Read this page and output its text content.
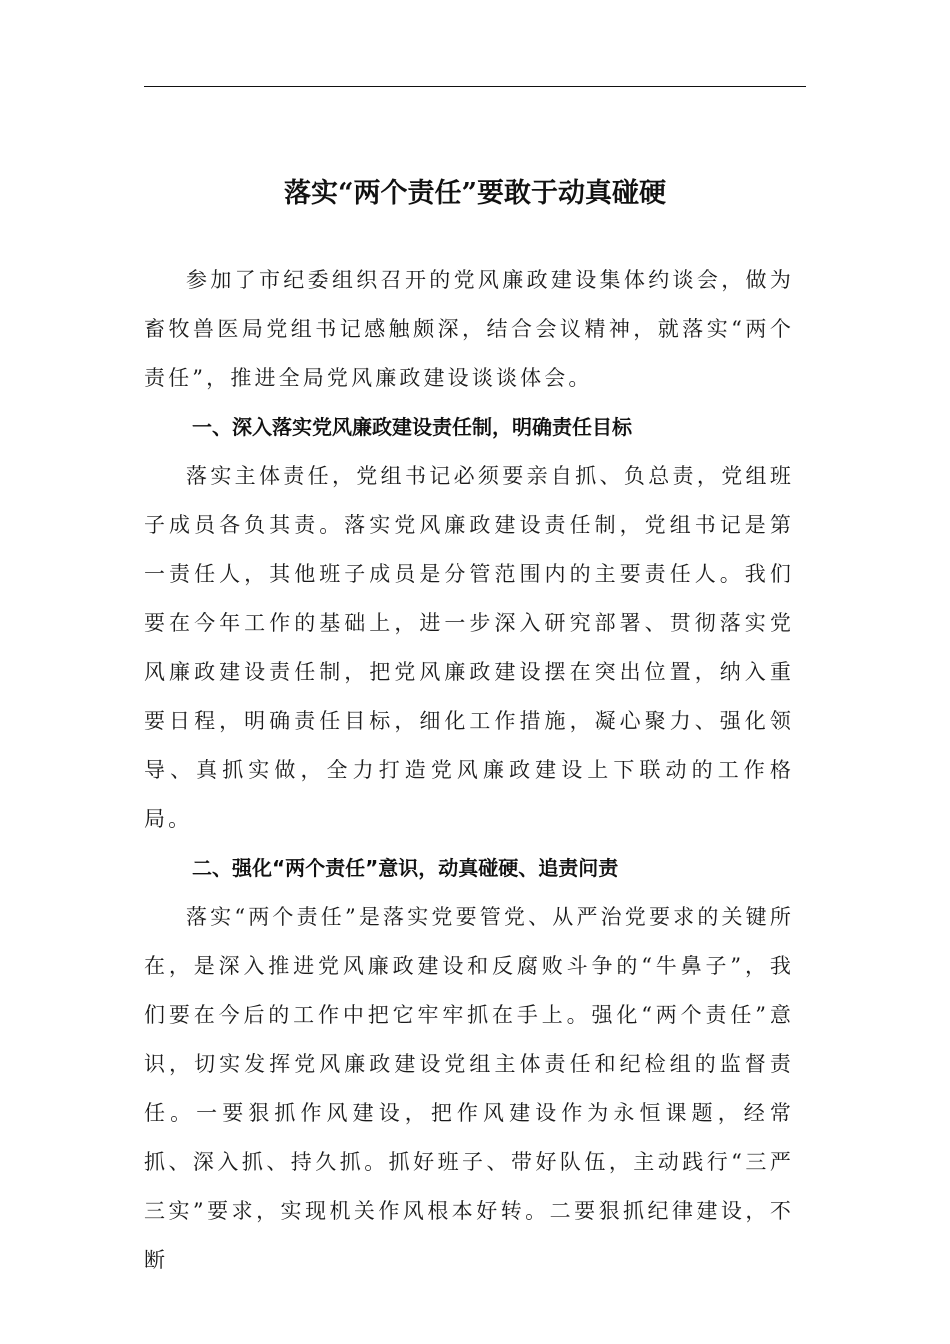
落实“两个责任”要敢于动真碰硬

参加了市纪委组织召开的党风廉政建设集体约谈会，做为畜牧兽医局党组书记感触颇深，结合会议精神，就落实“两个责任”，推进全局党风廉政建设谈谈体会。

一、深入落实党风廉政建设责任制，明确责任目标

落实主体责任，党组书记必须要亲自抓、负总责，党组班子成员各负其责。落实党风廉政建设责任制，党组书记是第一责任人，其他班子成员是分管范围内的主要责任人。我们要在今年工作的基础上，进一步深入研究部署、贯彻落实党风廉政建设责任制，把党风廉政建设摆在突出位置，纳入重要日程，明确责任目标，细化工作措施，凝心聚力、强化领导、真抓实做，全力打造党风廉政建设上下联动的工作格局。

二、强化“两个责任”意识，动真碰硬、追责问责

落实“两个责任”是落实党要管党、从严治党要求的关键所在，是深入推进党风廉政建设和反腐败斗争的“牛鼻子”，我们要在今后的工作中把它牢牢抓在手上。强化“两个责任”意识，切实发挥党风廉政建设党组主体责任和纪检组的监督责任。一要狠抓作风建设，把作风建设作为永恒课题，经常抓、深入抓、持久抓。抓好班子、带好队伍，主动践行“三严三实”要求，实现机关作风根本好转。二要狠抓纪律建设，不断
